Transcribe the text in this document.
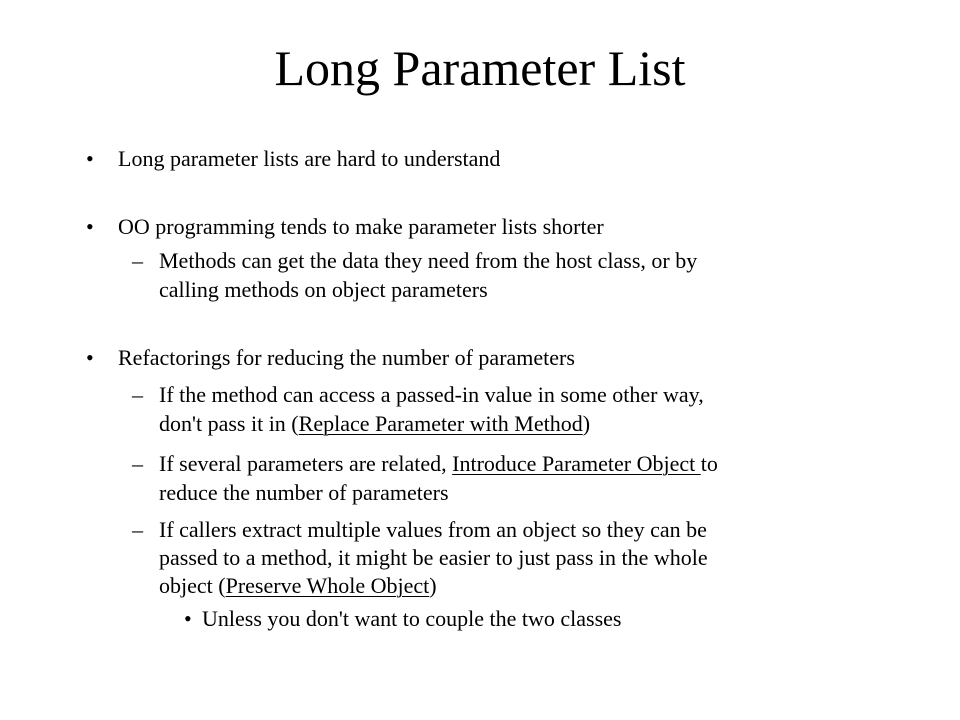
Long Parameter List
• Long parameter lists are hard to understand
• OO programming tends to make parameter lists shorter
– Methods can get the data they need from the host class, or by
calling methods on object parameters
• Refactorings for reducing the number of parameters
– If the method can access a passed-in value in some other way,
don't pass it in (Replace Parameter with Method)
– If several parameters are related, Introduce Parameter Object to
reduce the number of parameters
– If callers extract multiple values from an object so they can be
passed to a method, it might be easier to just pass in the whole
object (Preserve Whole Object)
• Unless you don't want to couple the two classes
